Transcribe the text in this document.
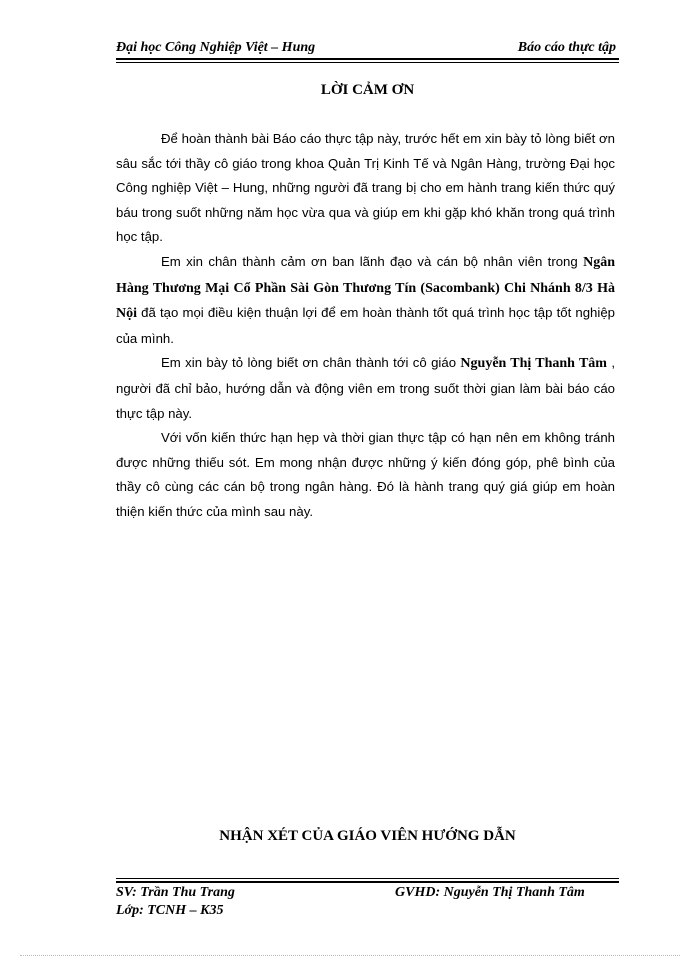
Đại học Công Nghiệp Việt – Hung	Báo cáo thực tập
LỜI CẢM ƠN

Để hoàn thành bài Báo cáo thực tập này, trước hết em xin bày tỏ lòng biết ơn sâu sắc tới thầy cô giáo trong khoa Quản Trị Kinh Tế và Ngân Hàng, trường Đại học Công nghiệp Việt – Hung, những người đã trang bị cho em hành trang kiến thức quý báu trong suốt những năm học vừa qua và giúp em khi gặp khó khăn trong quá trình học tập.

Em xin chân thành cảm ơn ban lãnh đạo và cán bộ nhân viên trong Ngân Hàng Thương Mại Cổ Phần Sài Gòn Thương Tín (Sacombank) Chi Nhánh 8/3 Hà Nội đã tạo mọi điều kiện thuận lợi để em hoàn thành tốt quá trình học tập tốt nghiệp của mình.

Em xin bày tỏ lòng biết ơn chân thành tới cô giáo Nguyễn Thị Thanh Tâm , người đã chỉ bảo, hướng dẫn và động viên em trong suốt thời gian làm bài báo cáo thực tập này.

Với vốn kiến thức hạn hẹp và thời gian thực tập có hạn nên em không tránh được những thiếu sót. Em mong nhận được những ý kiến đóng góp, phê bình của thầy cô cùng các cán bộ trong ngân hàng. Đó là hành trang quý giá giúp em hoàn thiện kiến thức của mình sau này.

NHẬN XÉT CỦA GIÁO VIÊN HƯỚNG DẪN
SV: Trần Thu Trang
Lớp: TCNH – K35
GVHD: Nguyễn Thị Thanh Tâm
